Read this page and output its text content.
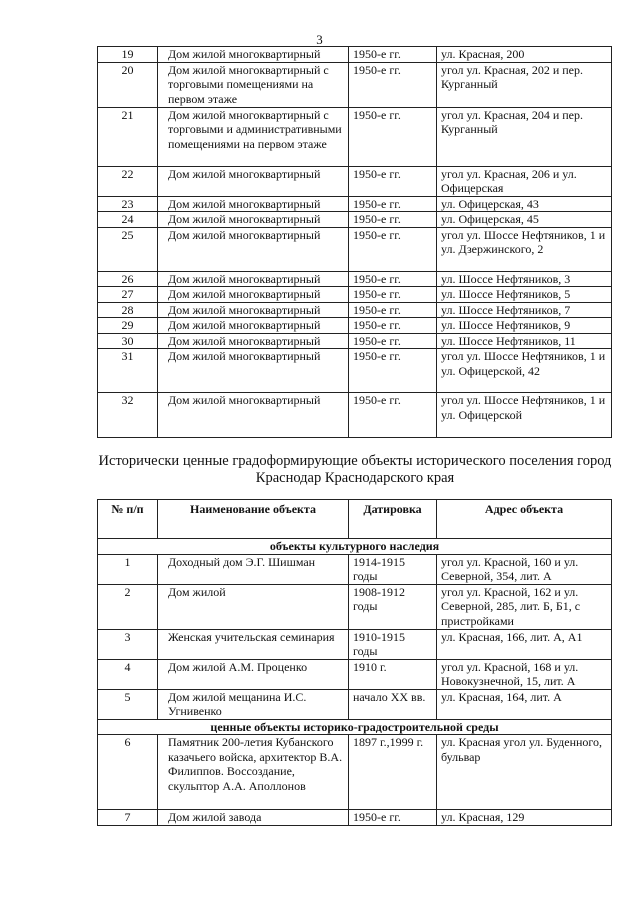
3
19	Дом жилой многоквартирный	1950-е гг.	ул. Красная, 200
20	Дом жилой многоквартирный с торговыми помещениями на первом этаже	1950-е гг.	угол ул. Красная, 202 и пер. Курганный
21	Дом жилой многоквартирный с торговыми и административными помещениями на первом этаже	1950-е гг.	угол ул. Красная, 204 и пер. Курганный
22	Дом жилой многоквартирный	1950-е гг.	угол ул. Красная, 206 и ул. Офицерская
23	Дом жилой многоквартирный	1950-е гг.	ул. Офицерская, 43
24	Дом жилой многоквартирный	1950-е гг.	ул. Офицерская, 45
25	Дом жилой многоквартирный	1950-е гг.	угол ул. Шоссе Нефтяников, 1 и ул. Дзержинского, 2
26	Дом жилой многоквартирный	1950-е гг.	ул. Шоссе Нефтяников, 3
27	Дом жилой многоквартирный	1950-е гг.	ул. Шоссе Нефтяников, 5
28	Дом жилой многоквартирный	1950-е гг.	ул. Шоссе Нефтяников, 7
29	Дом жилой многоквартирный	1950-е гг.	ул. Шоссе Нефтяников, 9
30	Дом жилой многоквартирный	1950-е гг.	ул. Шоссе Нефтяников, 11
31	Дом жилой многоквартирный	1950-е гг.	угол ул. Шоссе Нефтяников, 1 и ул. Офицерской, 42
32	Дом жилой многоквартирный	1950-е гг.	угол ул. Шоссе Нефтяников, 1 и ул. Офицерской
Исторически ценные градоформирующие объекты исторического поселения город Краснодар Краснодарского края
№ п/п	Наименование объекта	Датировка	Адрес объекта
объекты культурного наследия			
1	Доходный дом Э.Г. Шишман	1914-1915 годы	угол ул. Красной, 160 и ул. Северной, 354, лит. А
2	Дом жилой	1908-1912 годы	угол ул. Красной, 162 и ул. Северной, 285, лит. Б, Б1, с пристройками
3	Женская учительская семинария	1910-1915 годы	ул. Красная, 166, лит. А, А1
4	Дом жилой А.М. Проценко	1910 г.	угол ул. Красной, 168 и ул. Новокузнечной, 15, лит. А
5	Дом жилой мещанина И.С. Угнивенко	начало XX вв.	ул. Красная, 164, лит. А
ценные объекты историко-градостроительной среды			
6	Памятник 200-летия Кубанского казачьего войска, архитектор В.А. Филиппов. Воссоздание, скульптор А.А. Аполлонов	1897 г.,1999 г.	ул. Красная угол ул. Буденного, бульвар
7	Дом жилой завода	1950-е гг.	ул. Красная, 129
